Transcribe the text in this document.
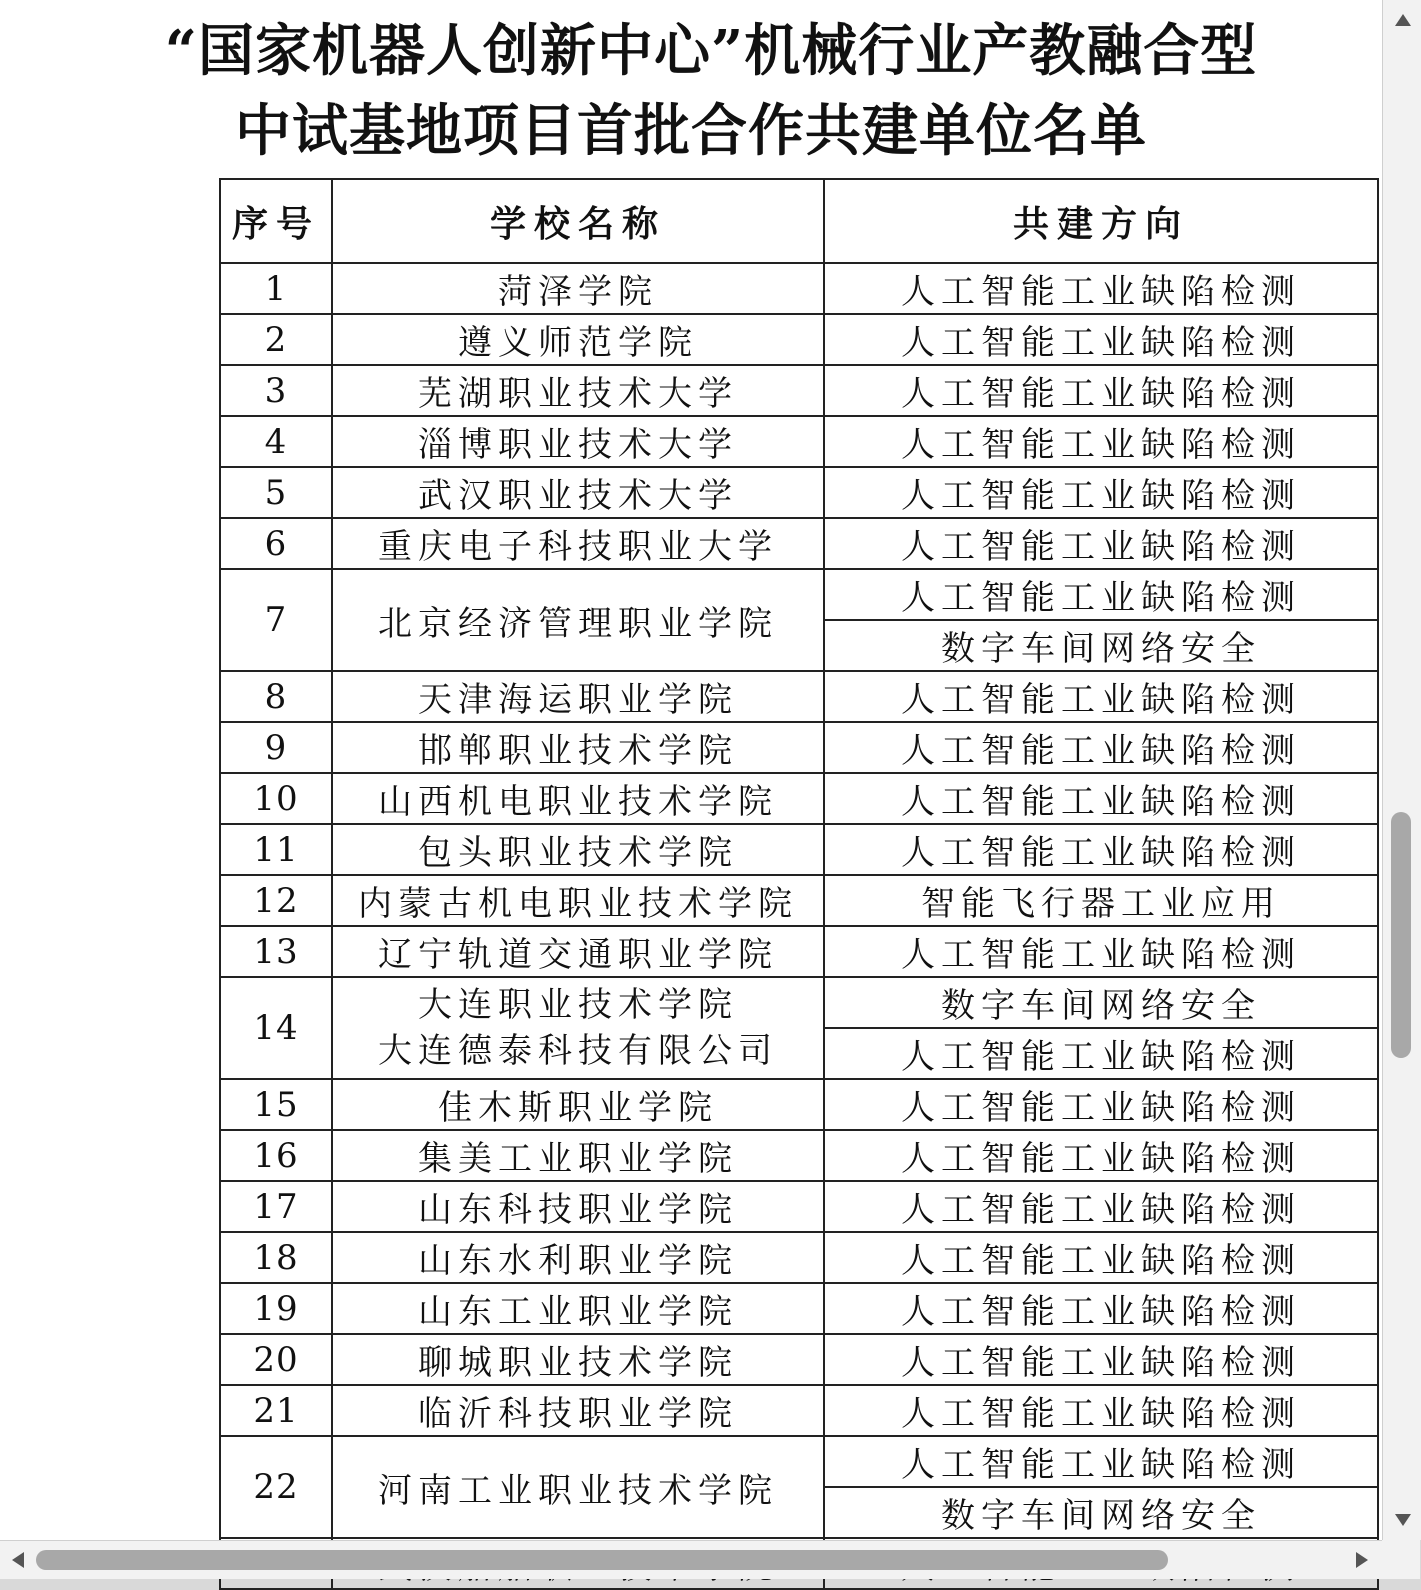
“国家机器人创新中心”机械行业产教融合型
中试基地项目首批合作共建单位名单
序号	学校名称	共建方向
1	菏泽学院	人工智能工业缺陷检测
2	遵义师范学院	人工智能工业缺陷检测
3	芜湖职业技术大学	人工智能工业缺陷检测
4	淄博职业技术大学	人工智能工业缺陷检测
5	武汉职业技术大学	人工智能工业缺陷检测
6	重庆电子科技职业大学	人工智能工业缺陷检测
7	北京经济管理职业学院	人工智能工业缺陷检测
		数字车间网络安全
8	天津海运职业学院	人工智能工业缺陷检测
9	邯郸职业技术学院	人工智能工业缺陷检测
10	山西机电职业技术学院	人工智能工业缺陷检测
11	包头职业技术学院	人工智能工业缺陷检测
12	内蒙古机电职业技术学院	智能飞行器工业应用
13	辽宁轨道交通职业学院	人工智能工业缺陷检测
14	大连职业技术学院
大连德泰科技有限公司	数字车间网络安全
		人工智能工业缺陷检测
15	佳木斯职业学院	人工智能工业缺陷检测
16	集美工业职业学院	人工智能工业缺陷检测
17	山东科技职业学院	人工智能工业缺陷检测
18	山东水利职业学院	人工智能工业缺陷检测
19	山东工业职业学院	人工智能工业缺陷检测
20	聊城职业技术学院	人工智能工业缺陷检测
21	临沂科技职业学院	人工智能工业缺陷检测
22	河南工业职业技术学院	人工智能工业缺陷检测
		数字车间网络安全
